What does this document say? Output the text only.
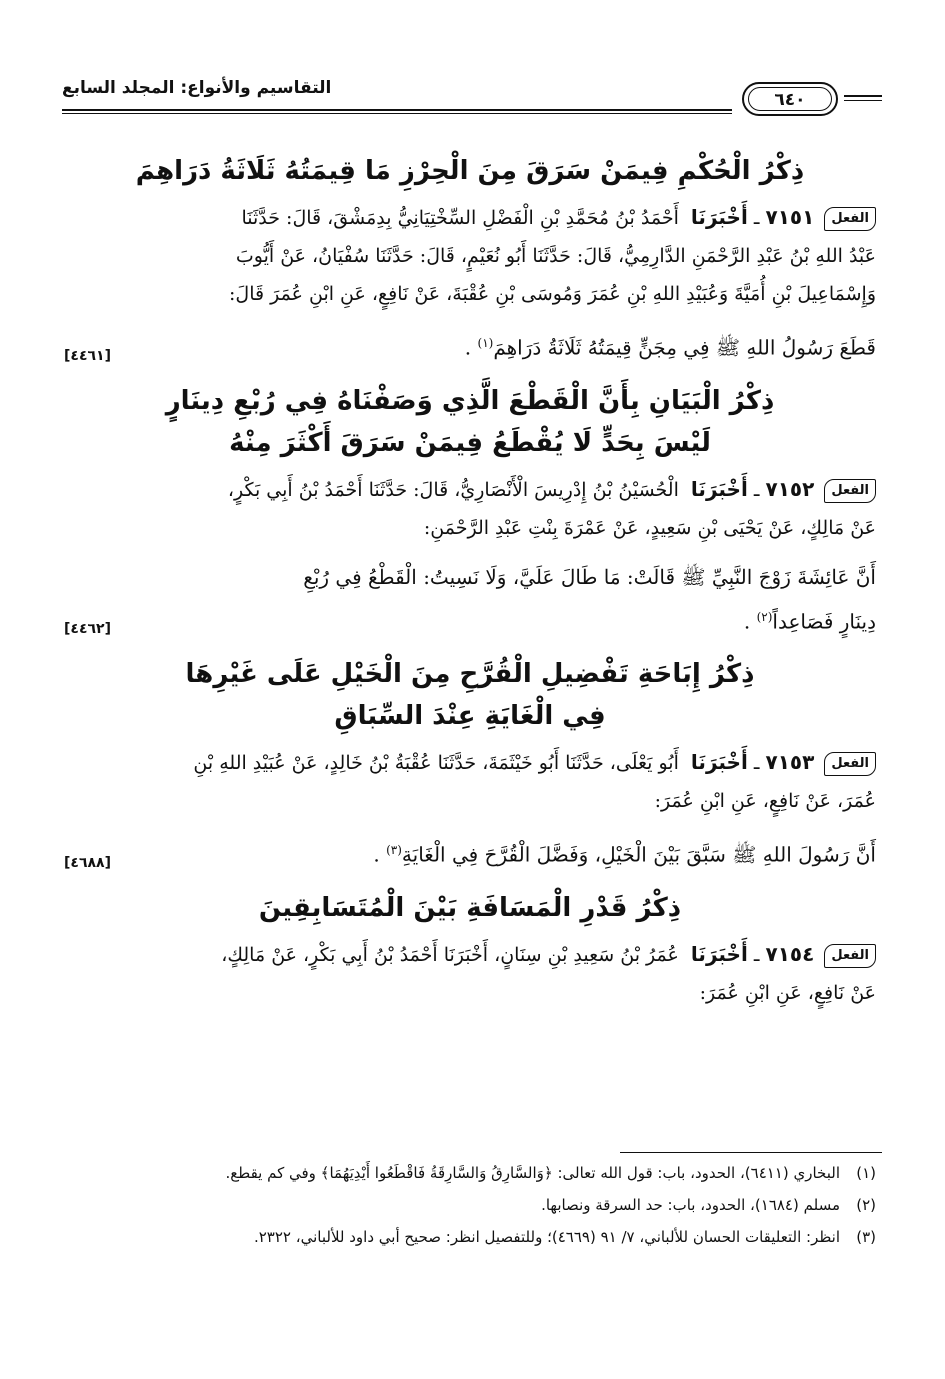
التقاسيم والأنواع: المجلد السابع
٦٤٠
ذِكْرُ الْحُكْمِ فِيمَنْ سَرَقَ مِنَ الْحِرْزِ مَا قِيمَتُهُ ثَلَاثَةُ دَرَاهِمَ

الفعل ٧١٥١ ـ أَخْبَرَنَا أَحْمَدُ بْنُ مُحَمَّدِ بْنِ الْفَضْلِ السِّخْتِيَانِيُّ بِدِمَشْقَ، قَالَ: حَدَّثَنَا

عَبْدُ اللهِ بْنُ عَبْدِ الرَّحْمَنِ الدَّارِمِيُّ، قَالَ: حَدَّثَنَا أَبُو نُعَيْمٍ، قَالَ: حَدَّثَنَا سُفْيَانُ، عَنْ أَيُّوبَ

وَإِسْمَاعِيلَ بْنِ أُمَيَّةَ وَعُبَيْدِ اللهِ بْنِ عُمَرَ وَمُوسَى بْنِ عُقْبَةَ، عَنْ نَافِعٍ، عَنِ ابْنِ عُمَرَ قَالَ:

قَطَعَ رَسُولُ اللهِ ﷺ فِي مِجَنٍّ قِيمَتُهُ ثَلَاثَةُ دَرَاهِمَ$^{(١)}$ .

[٤٤٦١]
ذِكْرُ الْبَيَانِ بِأَنَّ الْقَطْعَ الَّذِي وَصَفْنَاهُ فِي رُبْعِ دِينَارٍ
لَيْسَ بِحَدٍّ لَا يُقْطَعُ فِيمَنْ سَرَقَ أَكْثَرَ مِنْهُ

الفعل ٧١٥٢ ـ أَخْبَرَنَا الْحُسَيْنُ بْنُ إِدْرِيسَ الْأَنْصَارِيُّ، قَالَ: حَدَّثَنَا أَحْمَدُ بْنُ أَبِي بَكْرٍ،

عَنْ مَالِكٍ، عَنْ يَحْيَى بْنِ سَعِيدٍ، عَنْ عَمْرَةَ بِنْتِ عَبْدِ الرَّحْمَنِ:

أَنَّ عَائِشَةَ زَوْجَ النَّبِيِّ ﷺ قَالَتْ: مَا طَالَ عَلَيَّ، وَلَا نَسِيتُ: الْقَطْعُ فِي رُبْعِ

دِينَارٍ فَصَاعِداً$^{(٢)}$ .

[٤٤٦٢]
ذِكْرُ إِبَاحَةِ تَفْضِيلِ الْقُرَّحِ مِنَ الْخَيْلِ عَلَى غَيْرِهَا
فِي الْغَايَةِ عِنْدَ السِّبَاقِ

الفعل ٧١٥٣ ـ أَخْبَرَنَا أَبُو يَعْلَى، حَدَّثَنَا أَبُو خَيْثَمَةَ، حَدَّثَنَا عُقْبَةُ بْنُ خَالِدٍ، عَنْ عُبَيْدِ اللهِ بْنِ

عُمَرَ، عَنْ نَافِعٍ، عَنِ ابْنِ عُمَرَ:

أَنَّ رَسُولَ اللهِ ﷺ سَبَّقَ بَيْنَ الْخَيْلِ، وَفَضَّلَ الْقُرَّحَ فِي الْغَايَةِ$^{(٣)}$ .

[٤٦٨٨]
ذِكْرُ قَدْرِ الْمَسَافَةِ بَيْنَ الْمُتَسَابِقِينَ

الفعل ٧١٥٤ ـ أَخْبَرَنَا عُمَرُ بْنُ سَعِيدِ بْنِ سِنَانٍ، أَخْبَرَنَا أَحْمَدُ بْنُ أَبِي بَكْرٍ، عَنْ مَالِكٍ،

عَنْ نَافِعٍ، عَنِ ابْنِ عُمَرَ:

(١)
البخاري (٦٤١١)، الحدود، باب: قول الله تعالى: ﴿وَالسَّارِقُ وَالسَّارِقَةُ فَاقْطَعُوا أَيْدِيَهُمَا﴾ وفي كم يقطع.
(٢)
مسلم (١٦٨٤)، الحدود، باب: حد السرقة ونصابها.
(٣)
انظر: التعليقات الحسان للألباني، ٧/ ٩١ (٤٦٦٩)؛ وللتفصيل انظر: صحيح أبي داود للألباني، ٢٣٢٢.
